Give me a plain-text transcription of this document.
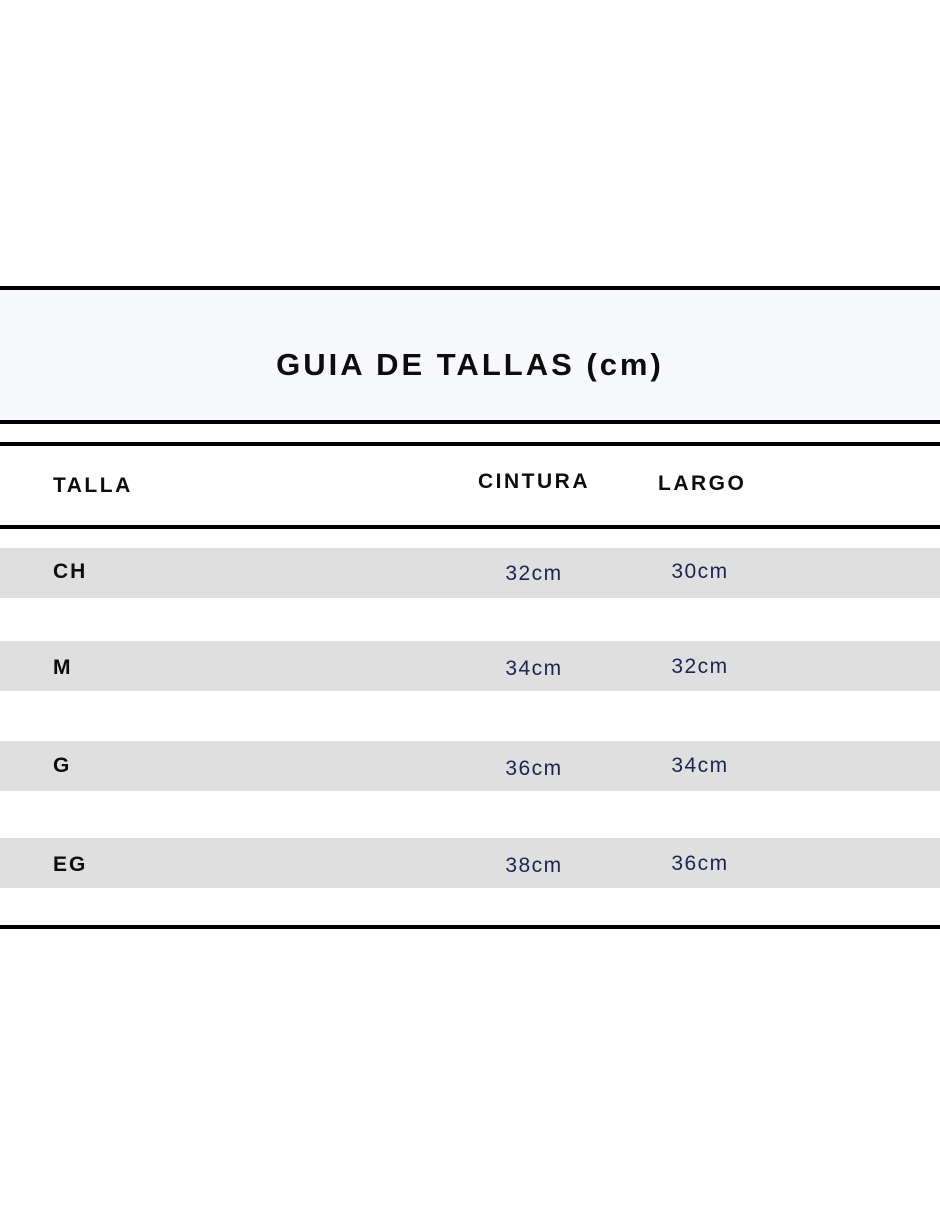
GUIA DE TALLAS (cm)
TALLA	CINTURA	LARGO
CH	32cm	30cm
M	34cm	32cm
G	36cm	34cm
EG	38cm	36cm
